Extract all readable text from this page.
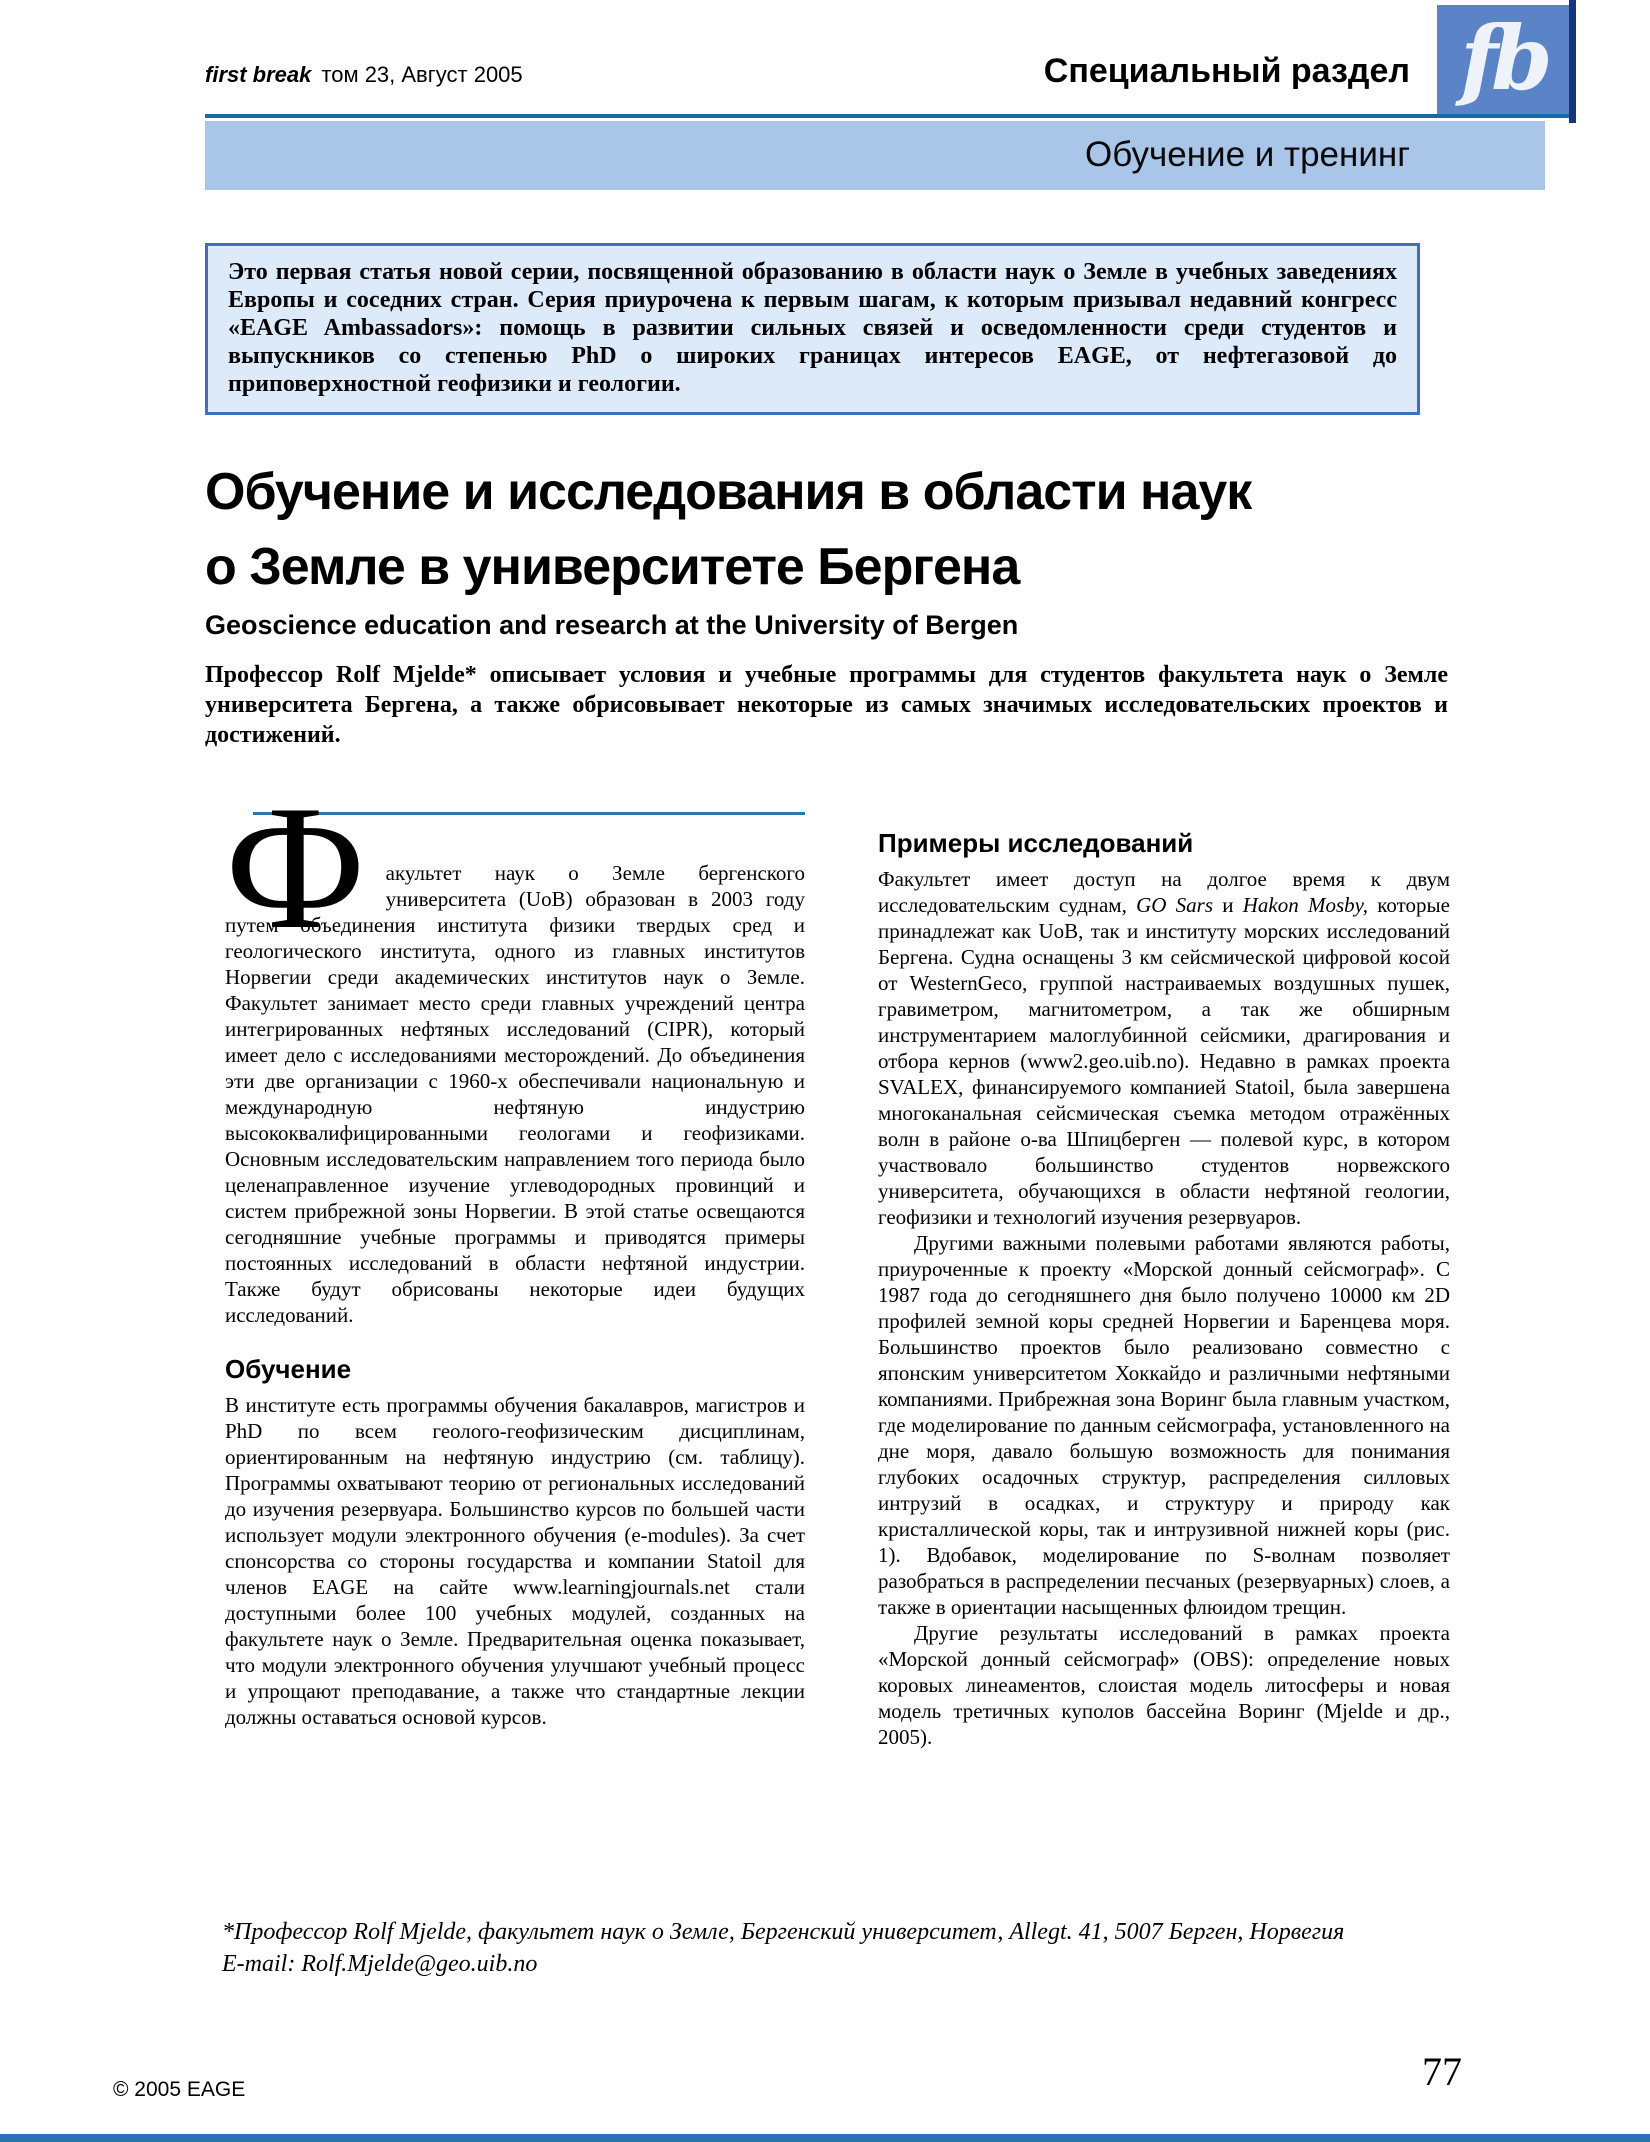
first break том 23, Август 2005	Специальный раздел fb
Обучение и тренинг

Это первая статья новой серии, посвященной образованию в области наук о Земле в учебных заведениях Европы и соседних стран. Серия приурочена к первым шагам, к которым призывал недавний конгресс «EAGE Ambassadors»: помощь в развитии сильных связей и осведомленности среди студентов и выпускников со степенью PhD о широких границах интересов EAGE, от нефтегазовой до приповерхностной геофизики и геологии.

Обучение и исследования в области наук
о Земле в университете Бергена
Geoscience education and research at the University of Bergen

Профессор Rolf Mjelde* описывает условия и учебные программы для студентов факультета наук о Земле университета Бергена, а также обрисовывает некоторые из самых значимых исследовательских проектов и достижений.

Факультет наук о Земле бергенского университета (UoB) образован в 2003 году путем объединения института физики твердых сред и геологического института, одного из главных институтов Норвегии среди академических институтов наук о Земле. Факультет занимает место среди главных учреждений центра интегрированных нефтяных исследований (CIPR), который имеет дело с исследованиями месторождений. До объединения эти две организации с 1960-х обеспечивали национальную и международную нефтяную индустрию высококвалифицированными геологами и геофизиками. Основным исследовательским направлением того периода было целенаправленное изучение углеводородных провинций и систем прибрежной зоны Норвегии. В этой статье освещаются сегодняшние учебные программы и приводятся примеры постоянных исследований в области нефтяной индустрии. Также будут обрисованы некоторые идеи будущих исследований.

Обучение

В институте есть программы обучения бакалавров, магистров и PhD по всем геолого-геофизическим дисциплинам, ориентированным на нефтяную индустрию (см. таблицу). Программы охватывают теорию от региональных исследований до изучения резервуара. Большинство курсов по большей части использует модули электронного обучения (e-modules). За счет спонсорства со стороны государства и компании Statoil для членов EAGE на сайте www.learningjournals.net стали доступными более 100 учебных модулей, созданных на факультете наук о Земле. Предварительная оценка показывает, что модули электронного обучения улучшают учебный процесс и упрощают преподавание, а также что стандартные лекции должны оставаться основой курсов.

Примеры исследований

Факультет имеет доступ на долгое время к двум исследовательским суднам, GO Sars и Hakon Mosby, которые принадлежат как UoB, так и институту морских исследований Бергена. Судна оснащены 3 км сейсмической цифровой косой от WesternGeco, группой настраиваемых воздушных пушек, гравиметром, магнитометром, а так же обширным инструментарием малоглубинной сейсмики, драгирования и отбора кернов (www2.geo.uib.no). Недавно в рамках проекта SVALEX, финансируемого компанией Statoil, была завершена многоканальная сейсмическая съемка методом отражённых волн в районе о-ва Шпицберген — полевой курс, в котором участвовало большинство студентов норвежского университета, обучающихся в области нефтяной геологии, геофизики и технологий изучения резервуаров.

Другими важными полевыми работами являются работы, приуроченные к проекту «Морской донный сейсмограф». С 1987 года до сегодняшнего дня было получено 10000 км 2D профилей земной коры средней Норвегии и Баренцева моря. Большинство проектов было реализовано совместно с японским университетом Хоккайдо и различными нефтяными компаниями. Прибрежная зона Воринг была главным участком, где моделирование по данным сейсмографа, установленного на дне моря, давало большую возможность для понимания глубоких осадочных структур, распределения силловых интрузий в осадках, и структуру и природу как кристаллической коры, так и интрузивной нижней коры (рис. 1). Вдобавок, моделирование по S-волнам позволяет разобраться в распределении песчаных (резервуарных) слоев, а также в ориентации насыщенных флюидом трещин.

Другие результаты исследований в рамках проекта «Морской донный сейсмограф» (OBS): определение новых коровых линеаментов, слоистая модель литосферы и новая модель третичных куполов бассейна Воринг (Mjelde и др., 2005).

*Профессор Rolf Mjelde, факультет наук о Земле, Бергенский университет, Allegt. 41, 5007 Берген, Норвегия
E-mail: Rolf.Mjelde@geo.uib.no
© 2005 EAGE	77
